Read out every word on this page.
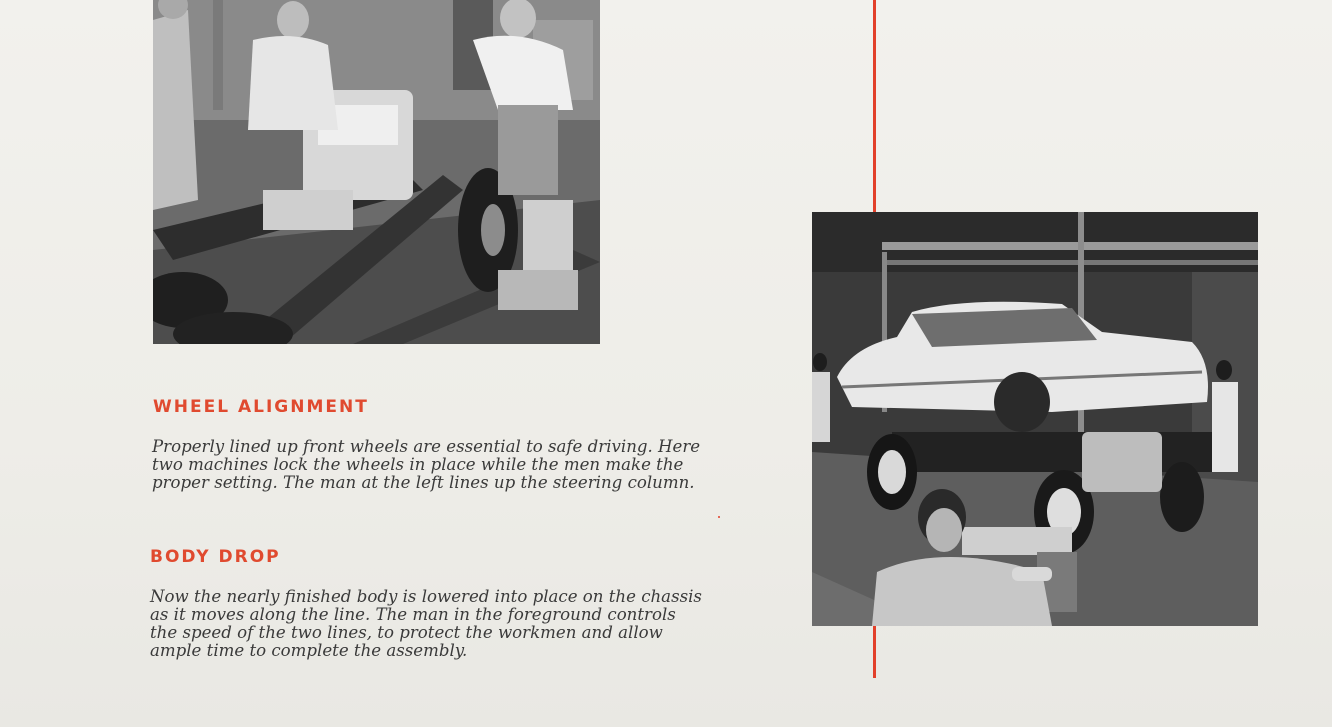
WHEEL ALIGNMENT

Properly lined up front wheels are essential to safe driving. Here
two machines lock the wheels in place while the men make the
proper setting. The man at the left lines up the steering column.

BODY DROP

Now the nearly finished body is lowered into place on the chassis
as it moves along the line. The man in the foreground controls
the speed of the two lines, to protect the workmen and allow
ample time to complete the assembly.
